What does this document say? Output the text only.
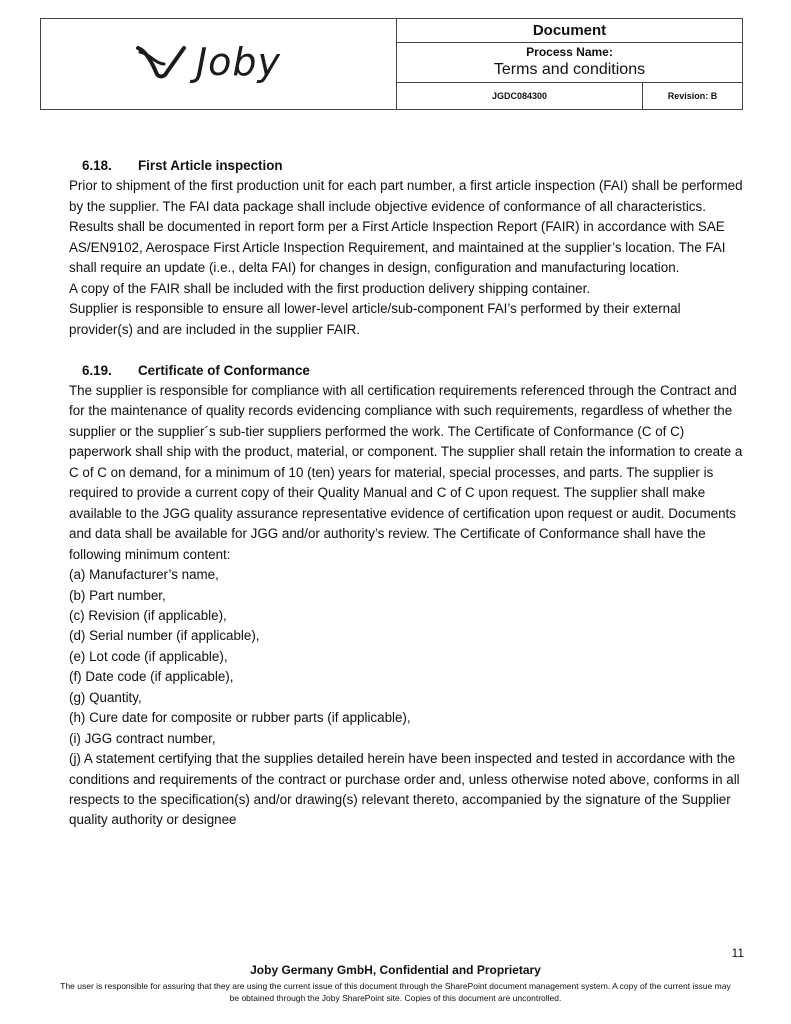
Joby
Document
Process Name:
Terms and conditions
JGDC084300	Revision: B
6.18.	First Article inspection

Prior to shipment of the first production unit for each part number, a first article inspection (FAI) shall be performed by the supplier. The FAI data package shall include objective evidence of conformance of all characteristics. Results shall be documented in report form per a First Article Inspection Report (FAIR) in accordance with SAE AS/EN9102, Aerospace First Article Inspection Requirement, and maintained at the supplier’s location. The FAI shall require an update (i.e., delta FAI) for changes in design, configuration and manufacturing location.

A copy of the FAIR shall be included with the first production delivery shipping container.

Supplier is responsible to ensure all lower-level article/sub-component FAI’s performed by their external provider(s) and are included in the supplier FAIR.

6.19.	Certificate of Conformance

The supplier is responsible for compliance with all certification requirements referenced through the Contract and for the maintenance of quality records evidencing compliance with such requirements, regardless of whether the supplier or the supplier´s sub-tier suppliers performed the work. The Certificate of Conformance (C of C) paperwork shall ship with the product, material, or component. The supplier shall retain the information to create a C of C on demand, for a minimum of 10 (ten) years for material, special processes, and parts. The supplier is required to provide a current copy of their Quality Manual and C of C upon request. The supplier shall make available to the JGG quality assurance representative evidence of certification upon request or audit. Documents and data shall be available for JGG and/or authority’s review. The Certificate of Conformance shall have the following minimum content:

(a) Manufacturer’s name,
(b) Part number,
(c) Revision (if applicable),
(d) Serial number (if applicable),
(e) Lot code (if applicable),
(f) Date code (if applicable),
(g) Quantity,
(h) Cure date for composite or rubber parts (if applicable),
(i) JGG contract number,
(j) A statement certifying that the supplies detailed herein have been inspected and tested in accordance with the conditions and requirements of the contract or purchase order and, unless otherwise noted above, conforms in all respects to the specification(s) and/or drawing(s) relevant thereto, accompanied by the signature of the Supplier quality authority or designee
11
Joby Germany GmbH, Confidential and Proprietary
The user is responsible for assuring that they are using the current issue of this document through the SharePoint document management system. A copy of the current issue may be obtained through the Joby SharePoint site. Copies of this document are uncontrolled.
